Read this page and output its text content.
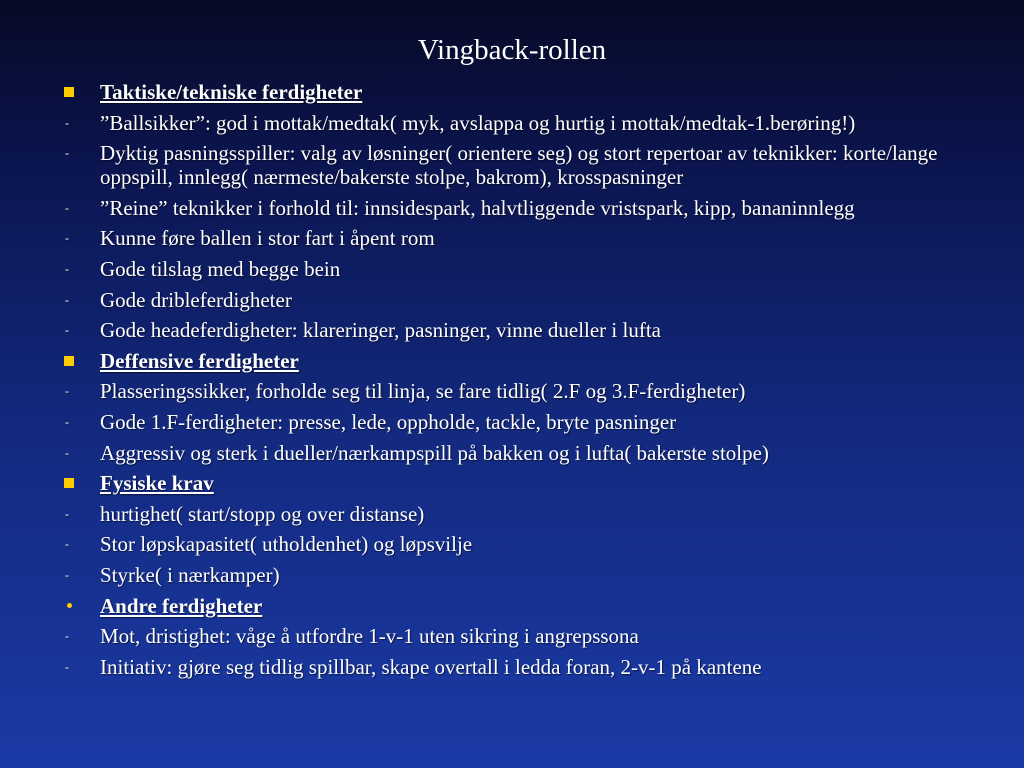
Vingback-rollen
Taktiske/tekniske ferdigheter
-
”Ballsikker”: god i mottak/medtak( myk, avslappa og hurtig i mottak/medtak-1.berøring!)
-
Dyktig pasningsspiller: valg av løsninger( orientere seg) og stort repertoar av teknikker: korte/lange oppspill, innlegg( nærmeste/bakerste stolpe, bakrom), krosspasninger
-
”Reine” teknikker i forhold til: innsidespark, halvtliggende vristspark, kipp, bananinnlegg
-
Kunne føre ballen i stor fart i åpent rom
-
Gode tilslag med begge bein
-
Gode dribleferdigheter
-
Gode headeferdigheter: klareringer, pasninger, vinne dueller i lufta
Deffensive ferdigheter
-
Plasseringssikker, forholde seg til linja, se fare tidlig( 2.F og 3.F-ferdigheter)
-
Gode 1.F-ferdigheter: presse, lede, oppholde, tackle, bryte pasninger
-
Aggressiv og sterk i dueller/nærkampspill på bakken og i lufta( bakerste stolpe)
Fysiske krav
-
hurtighet( start/stopp og over distanse)
-
Stor løpskapasitet( utholdenhet) og løpsvilje
-
Styrke( i nærkamper)
Andre ferdigheter
-
Mot, dristighet: våge å utfordre 1-v-1 uten sikring i angrepssona
-
Initiativ: gjøre seg tidlig spillbar, skape overtall i ledda foran, 2-v-1 på kantene
